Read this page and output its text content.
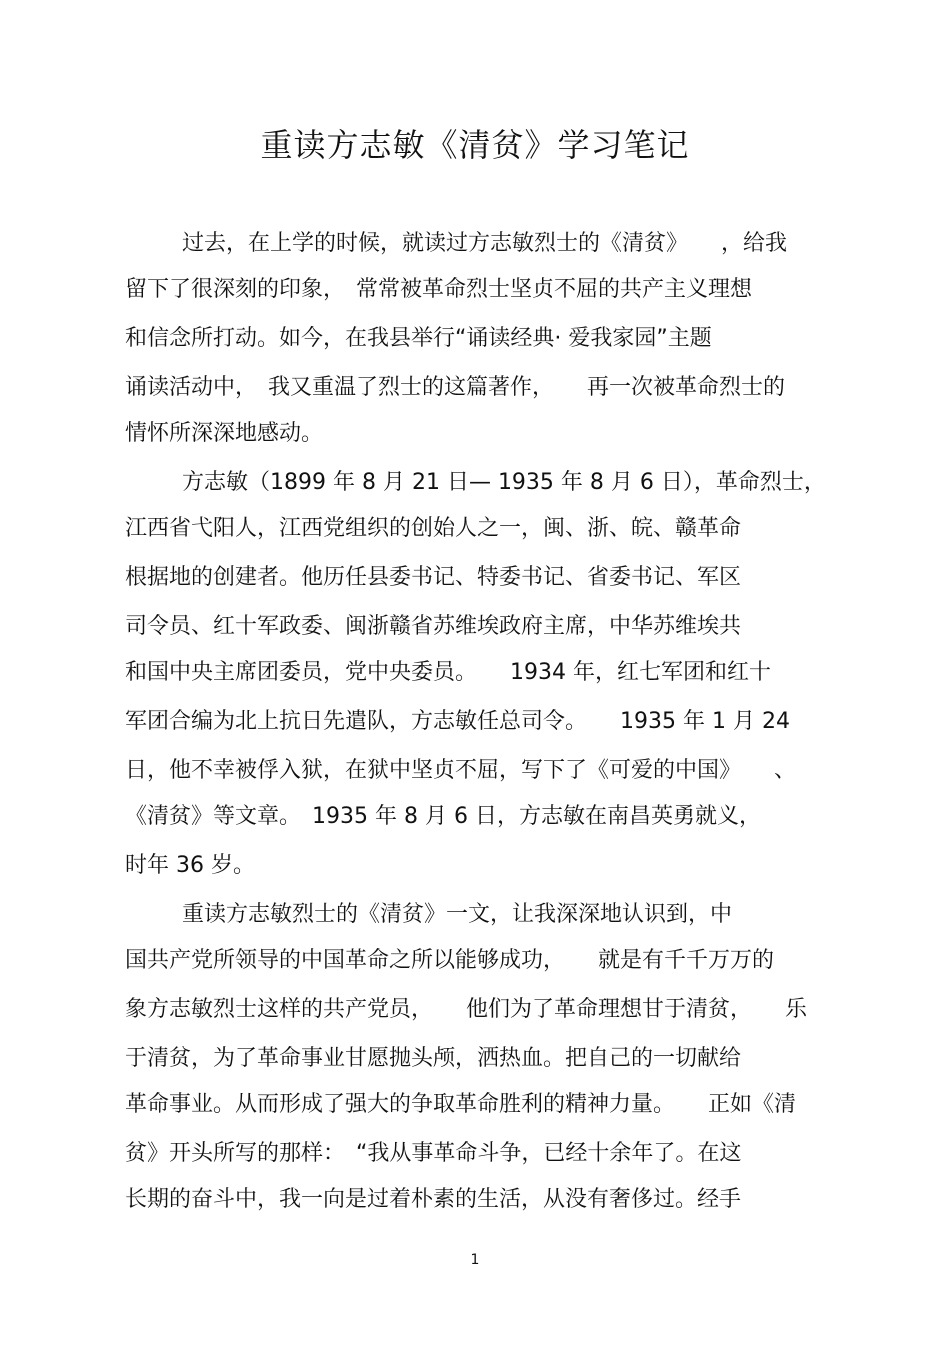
重读方志敏《清贫》学习笔记
过去，在上学的时候，就读过方志敏烈士的《清贫》　　，给我
留下了很深刻的印象，　常常被革命烈士坚贞不屈的共产主义理想
和信念所打动。如今，在我县举行“诵读经典· 爱我家园”主题
诵读活动中，　我又重温了烈士的这篇著作，　　再一次被革命烈士的
情怀所深深地感动。
方志敏（1899 年 8 月 21 日— 1935 年 8 月 6 日），革命烈士，
江西省弋阳人，江西党组织的创始人之一，闽、浙、皖、赣革命
根据地的创建者。他历任县委书记、特委书记、省委书记、军区
司令员、红十军政委、闽浙赣省苏维埃政府主席，中华苏维埃共
和国中央主席团委员，党中央委员。　　1934 年，红七军团和红十
军团合编为北上抗日先遣队，方志敏任总司令。　　1935 年 1 月 24
日，他不幸被俘入狱，在狱中坚贞不屈，写下了《可爱的中国》　　、
《清贫》等文章。　1935 年 8 月 6 日，方志敏在南昌英勇就义，
时年 36 岁。
重读方志敏烈士的《清贫》一文，让我深深地认识到，中
国共产党所领导的中国革命之所以能够成功，　　就是有千千万万的
象方志敏烈士这样的共产党员，　　他们为了革命理想甘于清贫，　　乐
于清贫，为了革命事业甘愿抛头颅，洒热血。把自己的一切献给
革命事业。从而形成了强大的争取革命胜利的精神力量。　　正如《清
贫》开头所写的那样：　“我从事革命斗争，已经十余年了。在这
长期的奋斗中，我一向是过着朴素的生活，从没有奢侈过。经手
1
